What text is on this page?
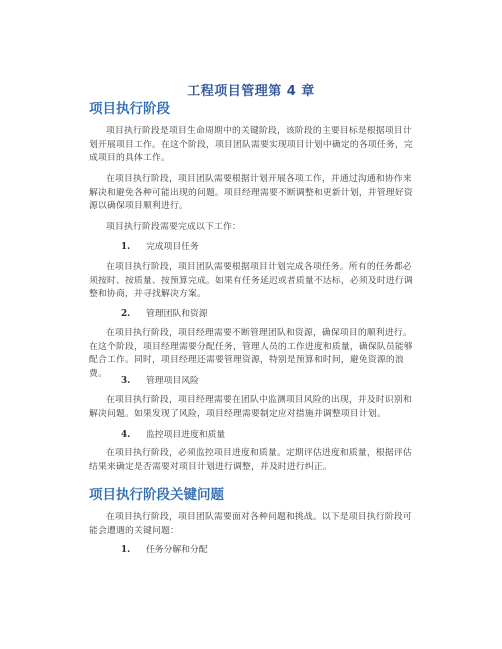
工程项目管理第 4 章
项目执行阶段
项目执行阶段是项目生命周期中的关键阶段，该阶段的主要目标是根据项目计划开展项目工作。在这个阶段，项目团队需要实现项目计划中确定的各项任务，完成项目的具体工作。
在项目执行阶段，项目团队需要根据计划开展各项工作，并通过沟通和协作来解决和避免各种可能出现的问题。项目经理需要不断调整和更新计划，并管理好资源以确保项目顺利进行。
项目执行阶段需要完成以下工作：
1. 完成项目任务
在项目执行阶段，项目团队需要根据项目计划完成各项任务。所有的任务都必须按时、按质量、按预算完成。如果有任务延迟或者质量不达标，必须及时进行调整和协商，并寻找解决方案。
2. 管理团队和资源
在项目执行阶段，项目经理需要不断管理团队和资源，确保项目的顺利进行。在这个阶段，项目经理需要分配任务，管理人员的工作进度和质量，确保队员能够配合工作。同时，项目经理还需要管理资源，特别是预算和时间，避免资源的浪费。
3. 管理项目风险
在项目执行阶段，项目经理需要在团队中监测项目风险的出现，并及时识别和解决问题。如果发现了风险，项目经理需要制定应对措施并调整项目计划。
4. 监控项目进度和质量
在项目执行阶段，必须监控项目进度和质量。定期评估进度和质量，根据评估结果来确定是否需要对项目计划进行调整，并及时进行纠正。
项目执行阶段关键问题
在项目执行阶段，项目团队需要面对各种问题和挑战。以下是项目执行阶段可能会遭遇的关键问题：
1. 任务分解和分配
